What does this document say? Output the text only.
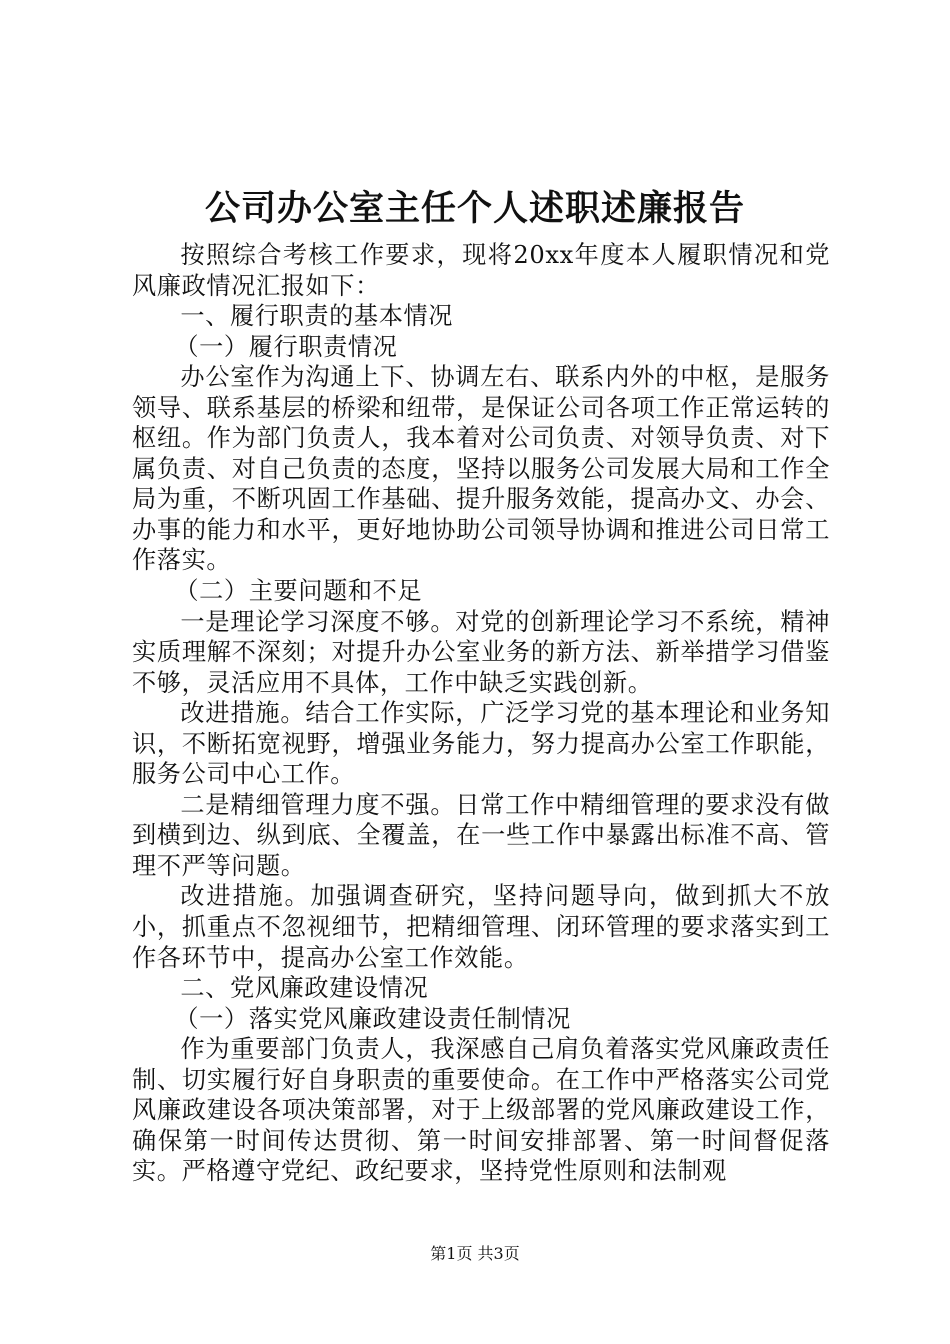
公司办公室主任个人述职述廉报告

按照综合考核工作要求，现将20xx年度本人履职情况和党风廉政情况汇报如下：

一、履行职责的基本情况

（一）履行职责情况

办公室作为沟通上下、协调左右、联系内外的中枢，是服务领导、联系基层的桥梁和纽带，是保证公司各项工作正常运转的枢纽。作为部门负责人，我本着对公司负责、对领导负责、对下属负责、对自己负责的态度，坚持以服务公司发展大局和工作全局为重，不断巩固工作基础、提升服务效能，提高办文、办会、办事的能力和水平，更好地协助公司领导协调和推进公司日常工作落实。

（二）主要问题和不足

一是理论学习深度不够。对党的创新理论学习不系统，精神实质理解不深刻；对提升办公室业务的新方法、新举措学习借鉴不够，灵活应用不具体，工作中缺乏实践创新。

改进措施。结合工作实际，广泛学习党的基本理论和业务知识，不断拓宽视野，增强业务能力，努力提高办公室工作职能，服务公司中心工作。

二是精细管理力度不强。日常工作中精细管理的要求没有做到横到边、纵到底、全覆盖，在一些工作中暴露出标准不高、管理不严等问题。

改进措施。加强调查研究，坚持问题导向，做到抓大不放小，抓重点不忽视细节，把精细管理、闭环管理的要求落实到工作各环节中，提高办公室工作效能。

二、党风廉政建设情况

（一）落实党风廉政建设责任制情况

作为重要部门负责人，我深感自己肩负着落实党风廉政责任制、切实履行好自身职责的重要使命。在工作中严格落实公司党风廉政建设各项决策部署，对于上级部署的党风廉政建设工作，确保第一时间传达贯彻、第一时间安排部署、第一时间督促落实。严格遵守党纪、政纪要求，坚持党性原则和法制观

第1页 共3页
